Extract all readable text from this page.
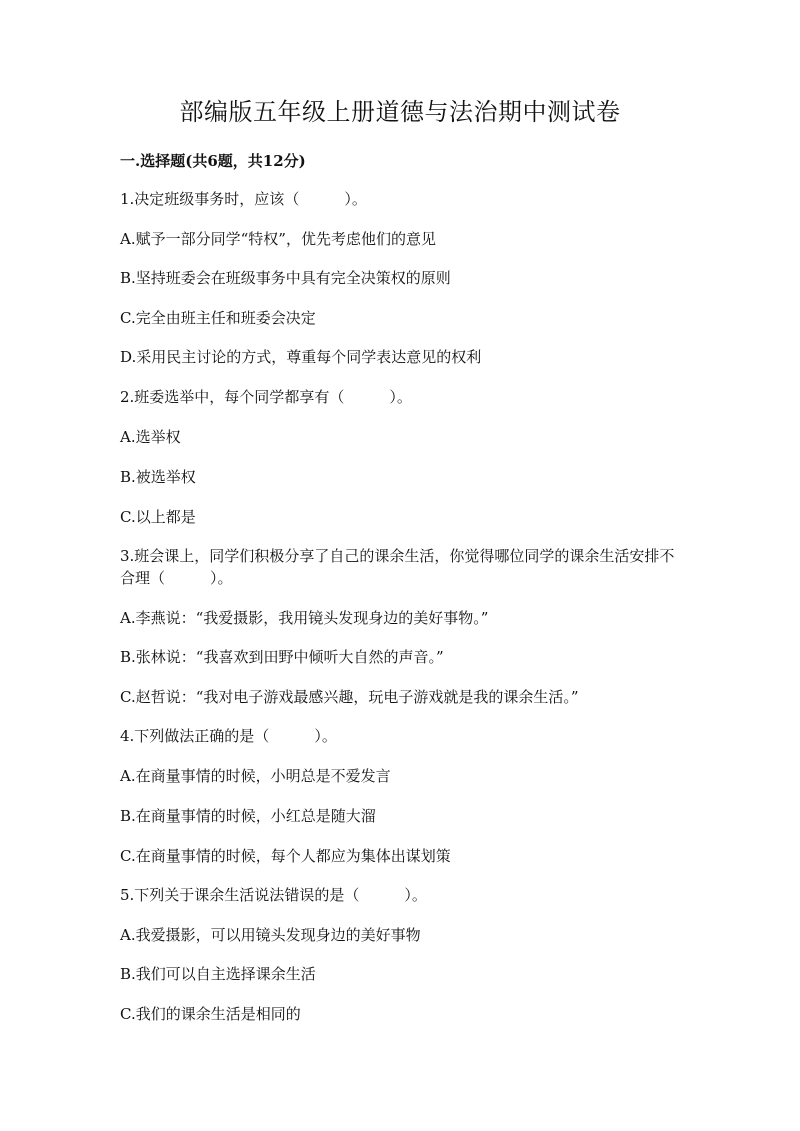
部编版五年级上册道德与法治期中测试卷

一.选择题(共6题，共12分)

1.决定班级事务时，应该（　　　）。

A.赋予一部分同学“特权”，优先考虑他们的意见

B.坚持班委会在班级事务中具有完全决策权的原则

C.完全由班主任和班委会决定

D.采用民主讨论的方式，尊重每个同学表达意见的权利

2.班委选举中，每个同学都享有（　　　）。

A.选举权

B.被选举权

C.以上都是

3.班会课上，同学们积极分享了自己的课余生活，你觉得哪位同学的课余生活安排不合理（　　　）。

A.李燕说：“我爱摄影，我用镜头发现身边的美好事物。”

B.张林说：“我喜欢到田野中倾听大自然的声音。”

C.赵哲说：“我对电子游戏最感兴趣，玩电子游戏就是我的课余生活。”

4.下列做法正确的是（　　　）。

A.在商量事情的时候，小明总是不爱发言

B.在商量事情的时候，小红总是随大溜

C.在商量事情的时候，每个人都应为集体出谋划策

5.下列关于课余生活说法错误的是（　　　）。

A.我爱摄影，可以用镜头发现身边的美好事物

B.我们可以自主选择课余生活

C.我们的课余生活是相同的
